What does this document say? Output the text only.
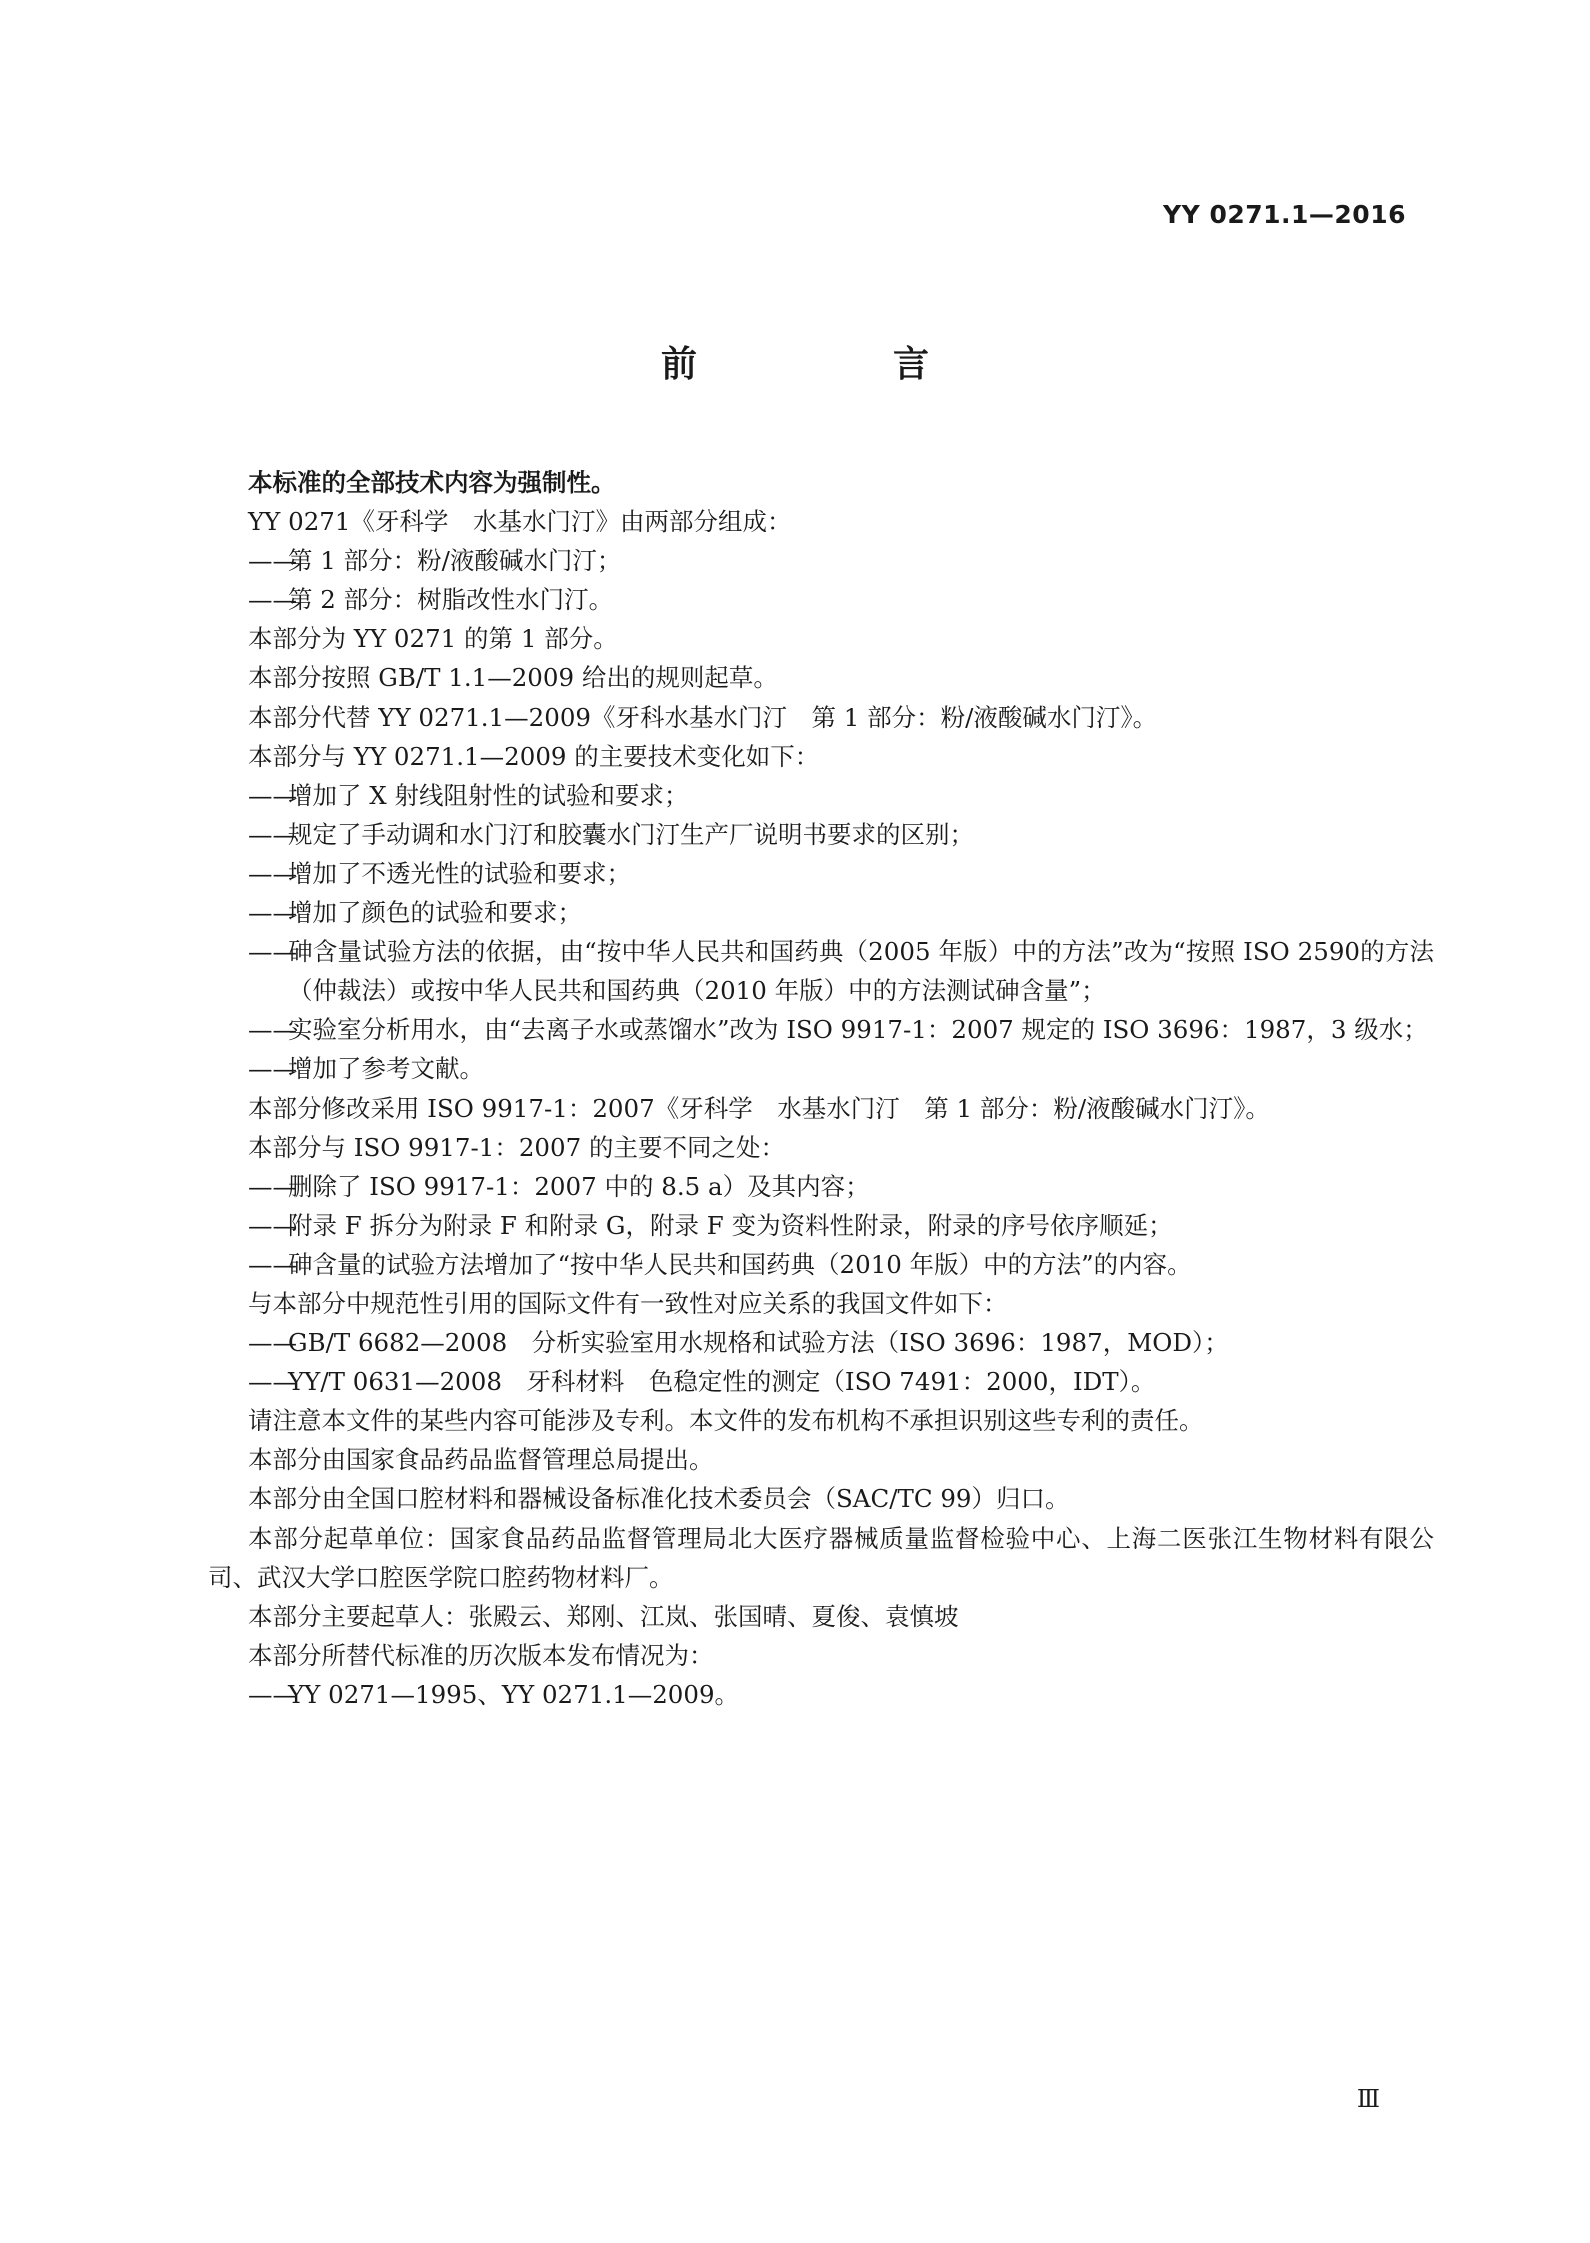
YY 0271.1—2016
前　言

本标准的全部技术内容为强制性。

YY 0271《牙科学　水基水门汀》由两部分组成：

——第 1 部分：粉/液酸碱水门汀；

——第 2 部分：树脂改性水门汀。

本部分为 YY 0271 的第 1 部分。

本部分按照 GB/T 1.1—2009 给出的规则起草。

本部分代替 YY 0271.1—2009《牙科水基水门汀　第 1 部分：粉/液酸碱水门汀》。

本部分与 YY 0271.1—2009 的主要技术变化如下：

——增加了 X 射线阻射性的试验和要求；

——规定了手动调和水门汀和胶囊水门汀生产厂说明书要求的区别；

——增加了不透光性的试验和要求；

——增加了颜色的试验和要求；

——砷含量试验方法的依据，由“按中华人民共和国药典（2005 年版）中的方法”改为“按照 ISO 2590的方法（仲裁法）或按中华人民共和国药典（2010 年版）中的方法测试砷含量”；

——实验室分析用水，由“去离子水或蒸馏水”改为 ISO 9917-1：2007 规定的 ISO 3696：1987，3 级水；

——增加了参考文献。

本部分修改采用 ISO 9917-1：2007《牙科学　水基水门汀　第 1 部分：粉/液酸碱水门汀》。

本部分与 ISO 9917-1：2007 的主要不同之处：

——删除了 ISO 9917-1：2007 中的 8.5 a）及其内容；

——附录 F 拆分为附录 F 和附录 G，附录 F 变为资料性附录，附录的序号依序顺延；

——砷含量的试验方法增加了“按中华人民共和国药典（2010 年版）中的方法”的内容。

与本部分中规范性引用的国际文件有一致性对应关系的我国文件如下：

——GB/T 6682—2008　分析实验室用水规格和试验方法（ISO 3696：1987，MOD）；

——YY/T 0631—2008　牙科材料　色稳定性的测定（ISO 7491：2000，IDT）。

请注意本文件的某些内容可能涉及专利。本文件的发布机构不承担识别这些专利的责任。

本部分由国家食品药品监督管理总局提出。

本部分由全国口腔材料和器械设备标准化技术委员会（SAC/TC 99）归口。

本部分起草单位：国家食品药品监督管理局北大医疗器械质量监督检验中心、上海二医张江生物材料有限公司、武汉大学口腔医学院口腔药物材料厂。

本部分主要起草人：张殿云、郑刚、江岚、张国晴、夏俊、袁慎坡

本部分所替代标准的历次版本发布情况为：

——YY 0271—1995、YY 0271.1—2009。

Ⅲ
